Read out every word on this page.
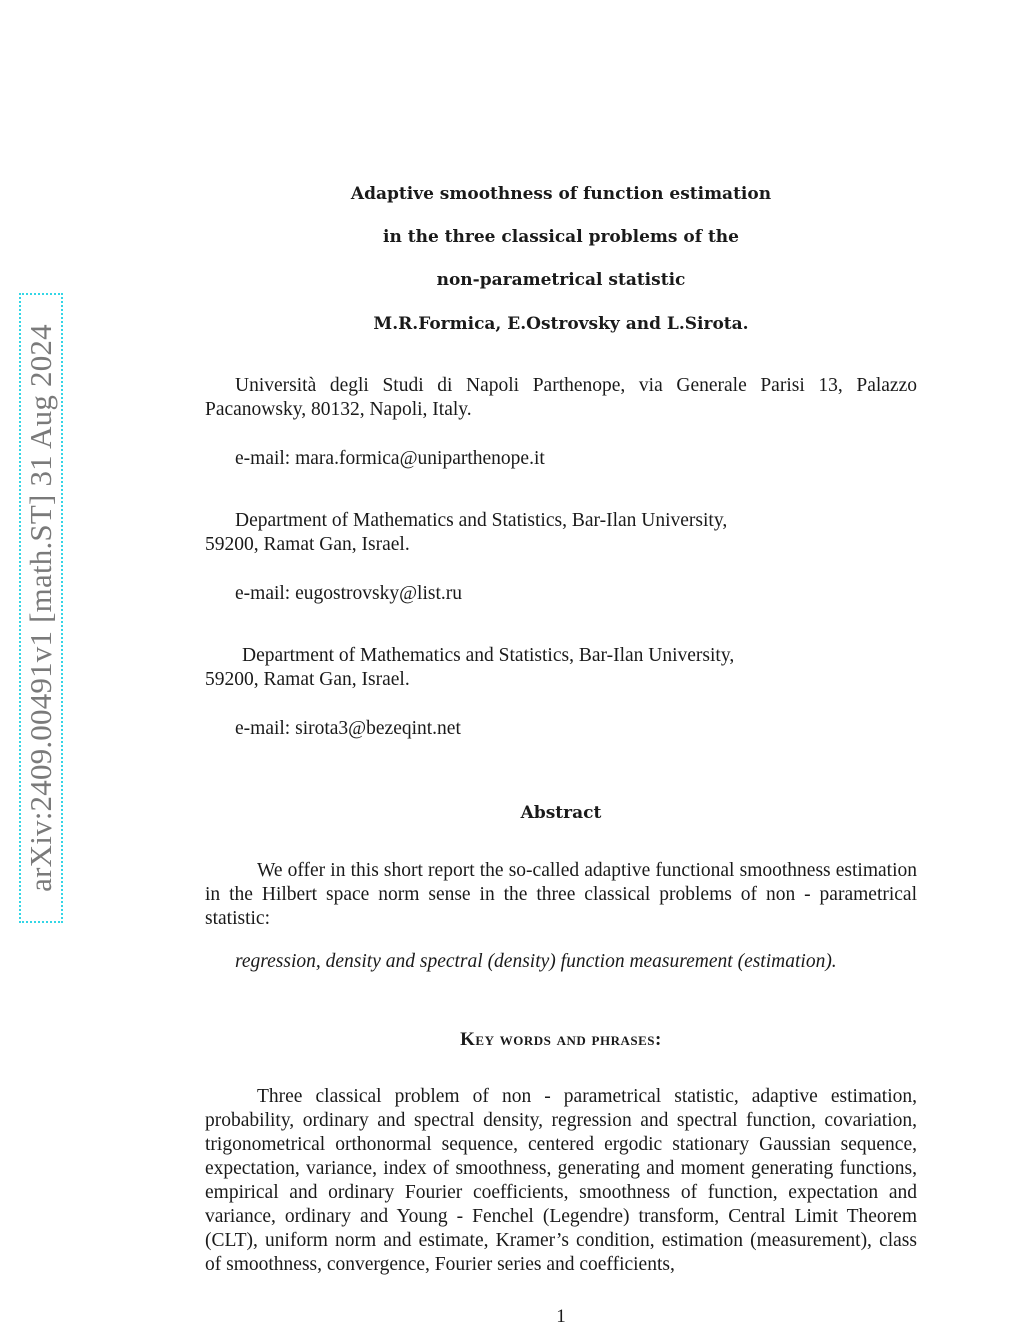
arXiv:2409.00491v1 [math.ST] 31 Aug 2024
Adaptive smoothness of function estimation
in the three classical problems of the
non-parametrical statistic

M.R.Formica, E.Ostrovsky and L.Sirota.

Università degli Studi di Napoli Parthenope, via Generale Parisi 13, Palazzo Pacanowsky, 80132, Napoli, Italy.

e-mail: mara.formica@uniparthenope.it

Department of Mathematics and Statistics, Bar-Ilan University,

59200, Ramat Gan, Israel.

e-mail: eugostrovsky@list.ru

Department of Mathematics and Statistics, Bar-Ilan University,

59200, Ramat Gan, Israel.

e-mail: sirota3@bezeqint.net

Abstract

We offer in this short report the so-called adaptive functional smoothness estimation in the Hilbert space norm sense in the three classical problems of non - parametrical statistic:

regression, density and spectral (density) function measurement (estimation).

Key words and phrases:

Three classical problem of non - parametrical statistic, adaptive estimation, probability, ordinary and spectral density, regression and spectral function, covariation, trigonometrical orthonormal sequence, centered ergodic stationary Gaussian sequence, expectation, variance, index of smoothness, generating and moment generating functions, empirical and ordinary Fourier coefficients, smoothness of function, expectation and variance, ordinary and Young - Fenchel (Legendre) transform, Central Limit Theorem (CLT), uniform norm and estimate, Kramer’s condition, estimation (measurement), class of smoothness, convergence, Fourier series and coefficients,

1
